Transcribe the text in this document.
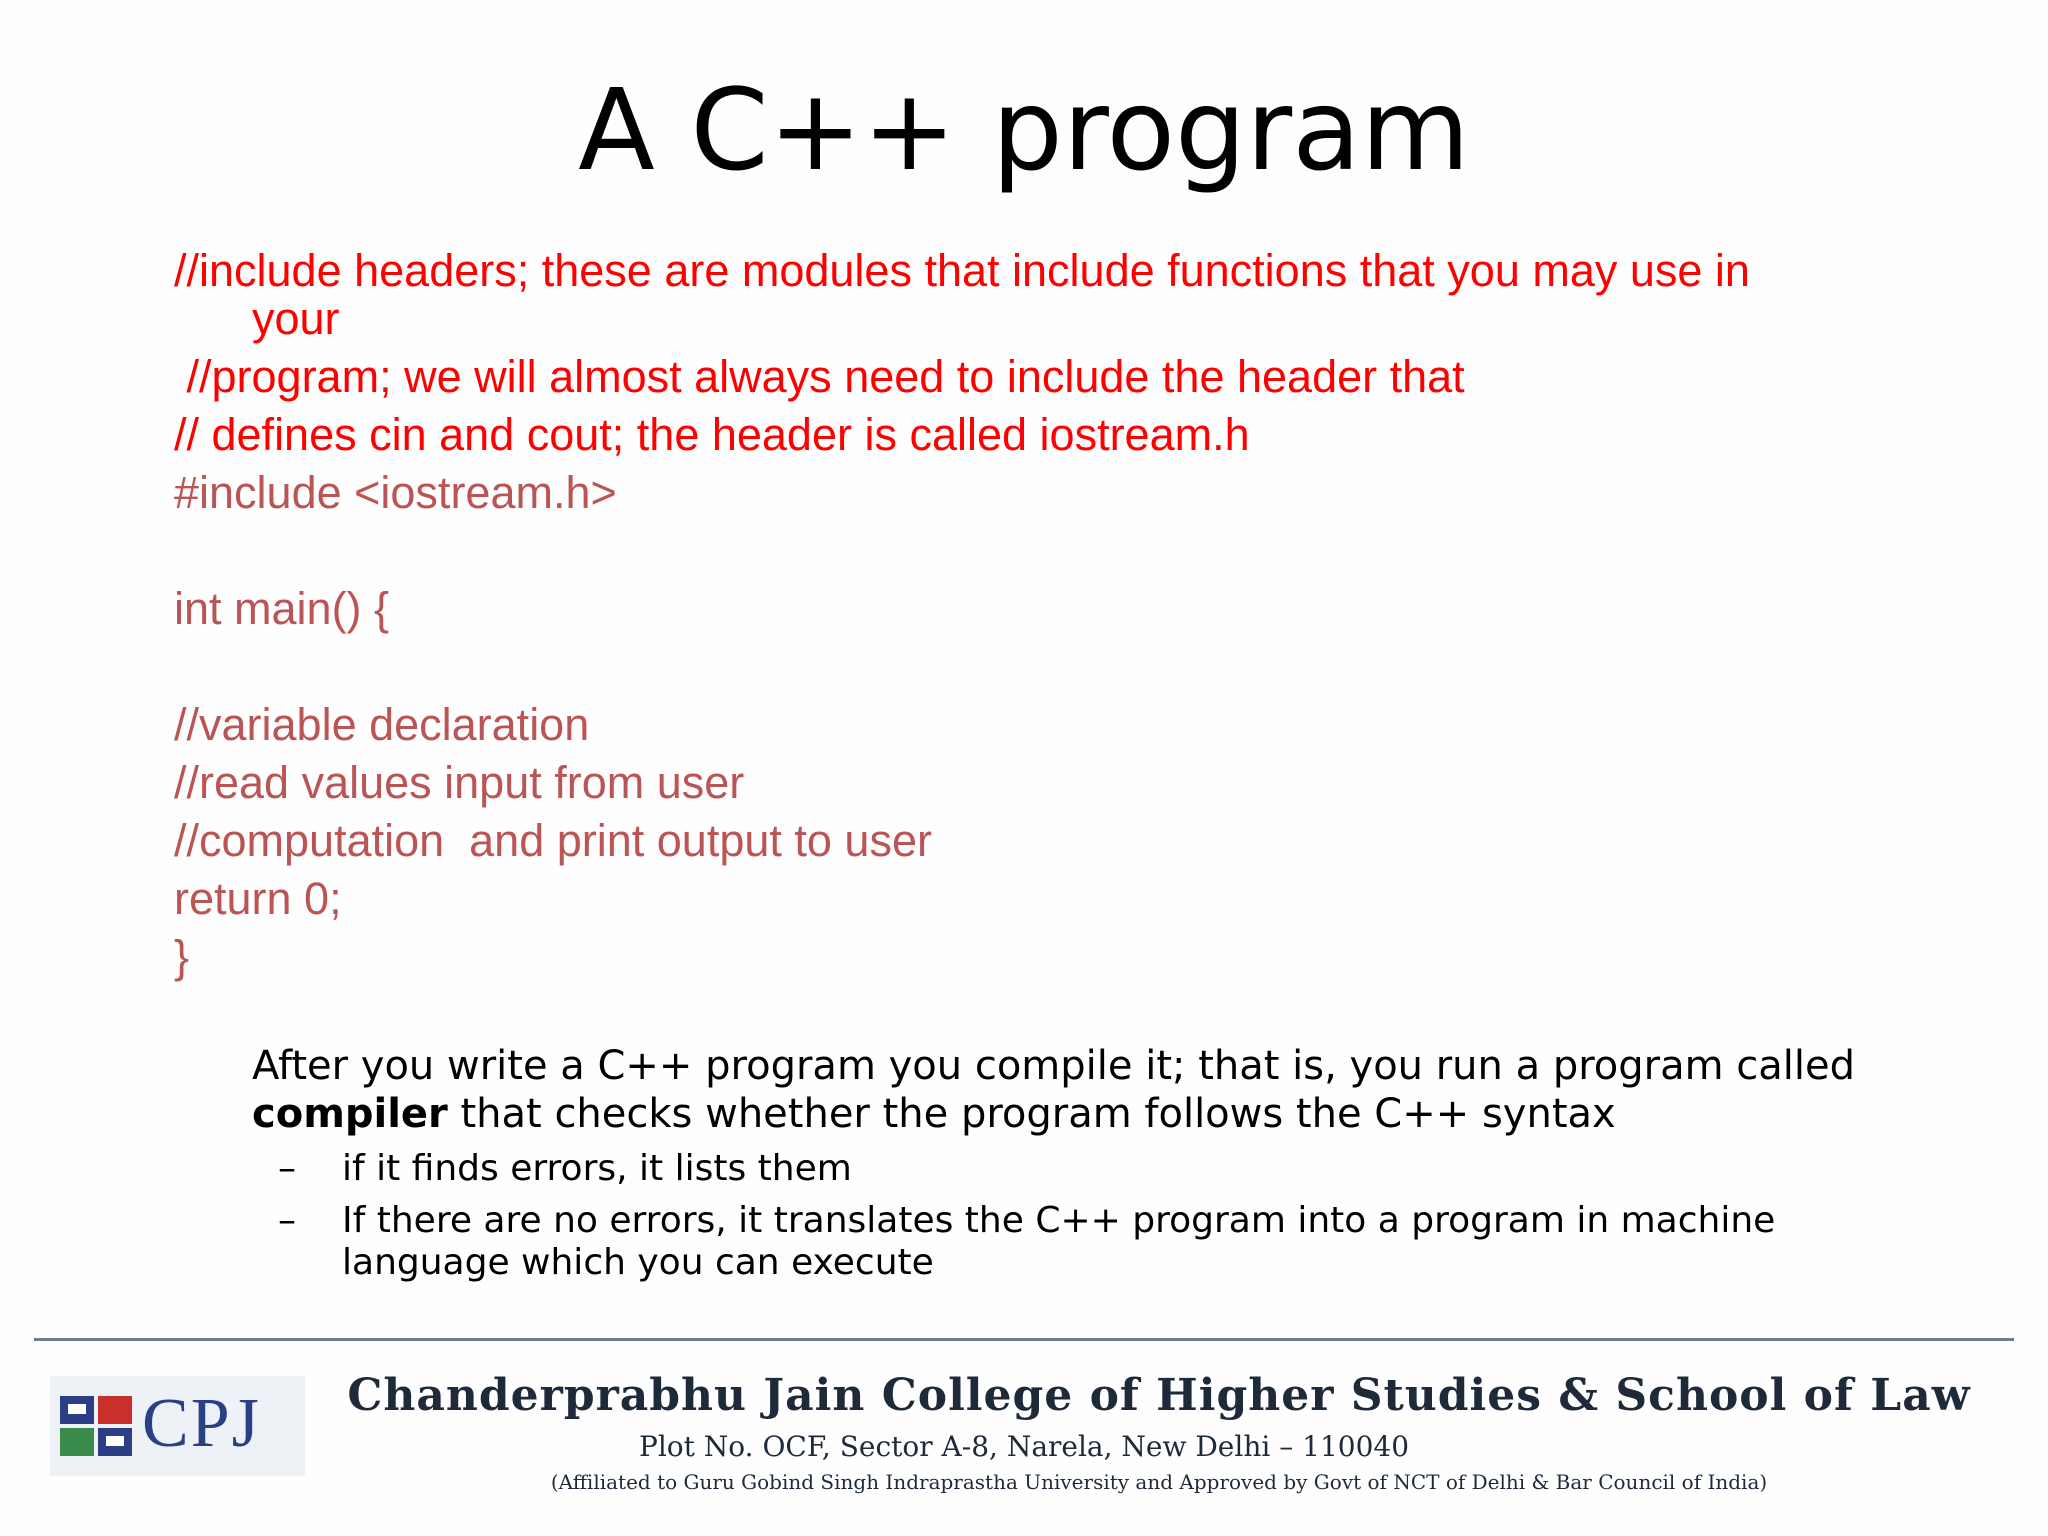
A C++ program
//include headers; these are modules that include functions that you may use in
your
//program; we will almost always need to include the header that
// defines cin and cout; the header is called iostream.h
#include <iostream.h>
int main() {
//variable declaration
//read values input from user
//computation  and print output to user
return 0;
}
After you write a C++ program you compile it; that is, you run a program called
compiler that checks whether the program follows the C++ syntax
– if it finds errors, it lists them
– If there are no errors, it translates the C++ program into a program in machine language which you can execute
CPJ	Chanderprabhu Jain College of Higher Studies & School of Law
Plot No. OCF, Sector A-8, Narela, New Delhi – 110040
(Affiliated to Guru Gobind Singh Indraprastha University and Approved by Govt of NCT of Delhi & Bar Council of India)
